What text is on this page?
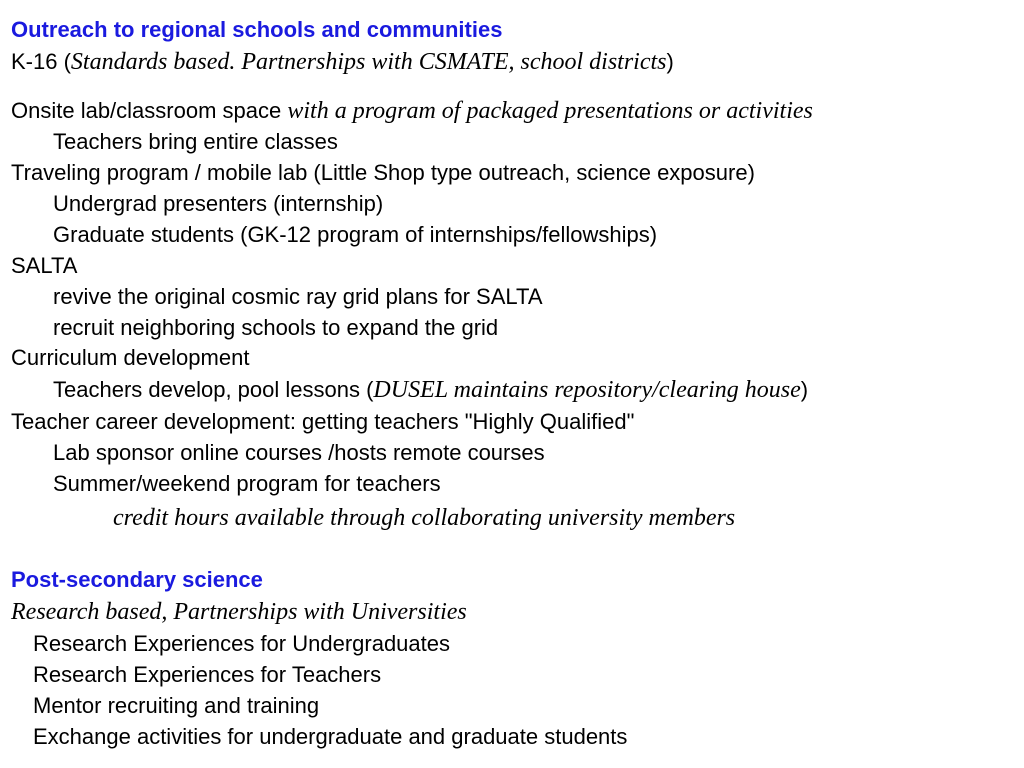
Outreach to regional schools and communities
K-16 (Standards based. Partnerships with CSMATE, school districts)
Onsite lab/classroom space with a program of packaged presentations or activities
Teachers bring entire classes
Traveling program / mobile lab (Little Shop type outreach, science exposure)
Undergrad presenters (internship)
Graduate students (GK-12 program of internships/fellowships)
SALTA
revive the original cosmic ray grid plans for SALTA
recruit neighboring schools to expand the grid
Curriculum development
Teachers develop, pool lessons (DUSEL maintains repository/clearing house)
Teacher career development: getting teachers "Highly Qualified"
Lab sponsor online courses /hosts remote courses
Summer/weekend program for teachers
credit hours available through collaborating university members
Post-secondary science
Research based, Partnerships with Universities
Research Experiences for Undergraduates
Research Experiences for Teachers
Mentor recruiting and training
Exchange activities for undergraduate and graduate students
